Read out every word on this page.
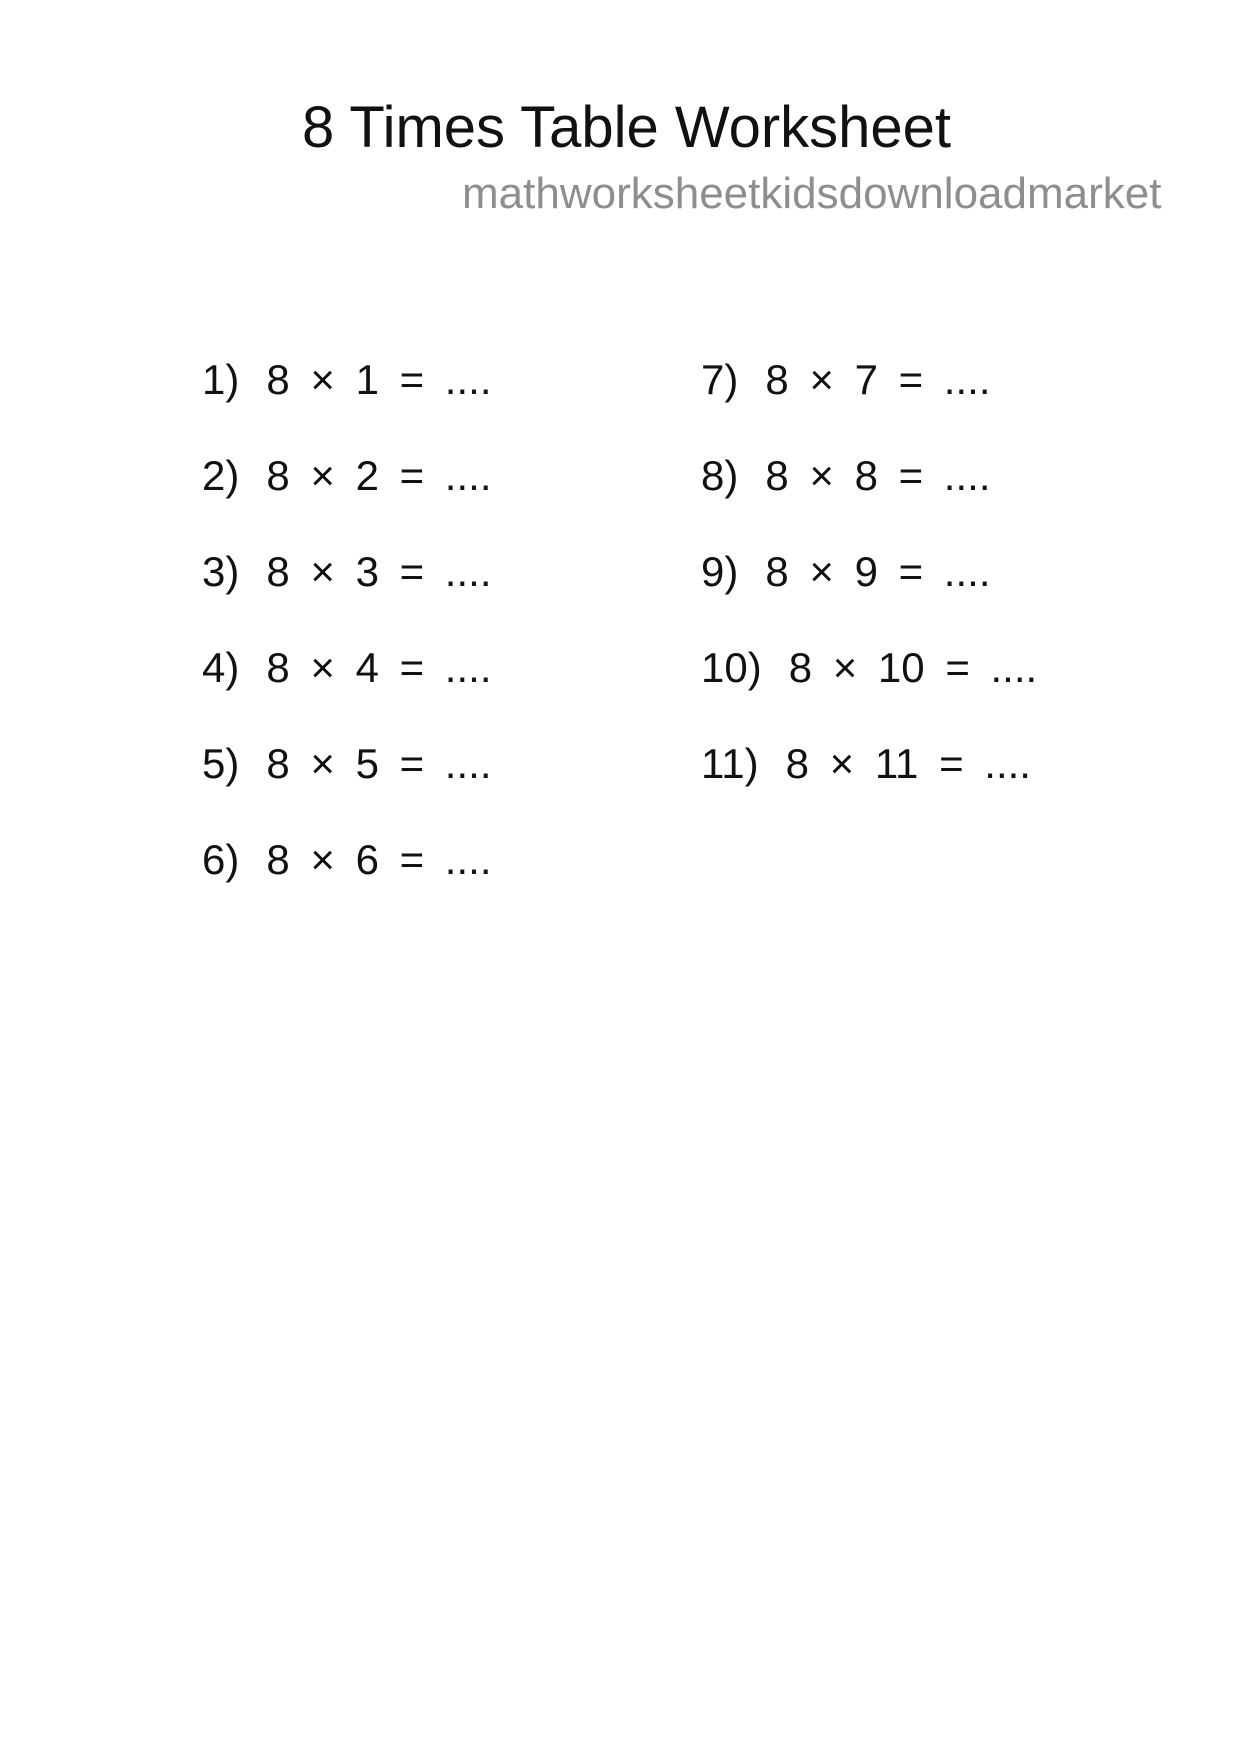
8 Times Table Worksheet
mathworksheetkidsdownloadmarket
1) 8 × 1 = ....
2) 8 × 2 = ....
3) 8 × 3 = ....
4) 8 × 4 = ....
5) 8 × 5 = ....
6) 8 × 6 = ....
7) 8 × 7 = ....
8) 8 × 8 = ....
9) 8 × 9 = ....
10) 8 × 10 = ....
11) 8 × 11 = ....
